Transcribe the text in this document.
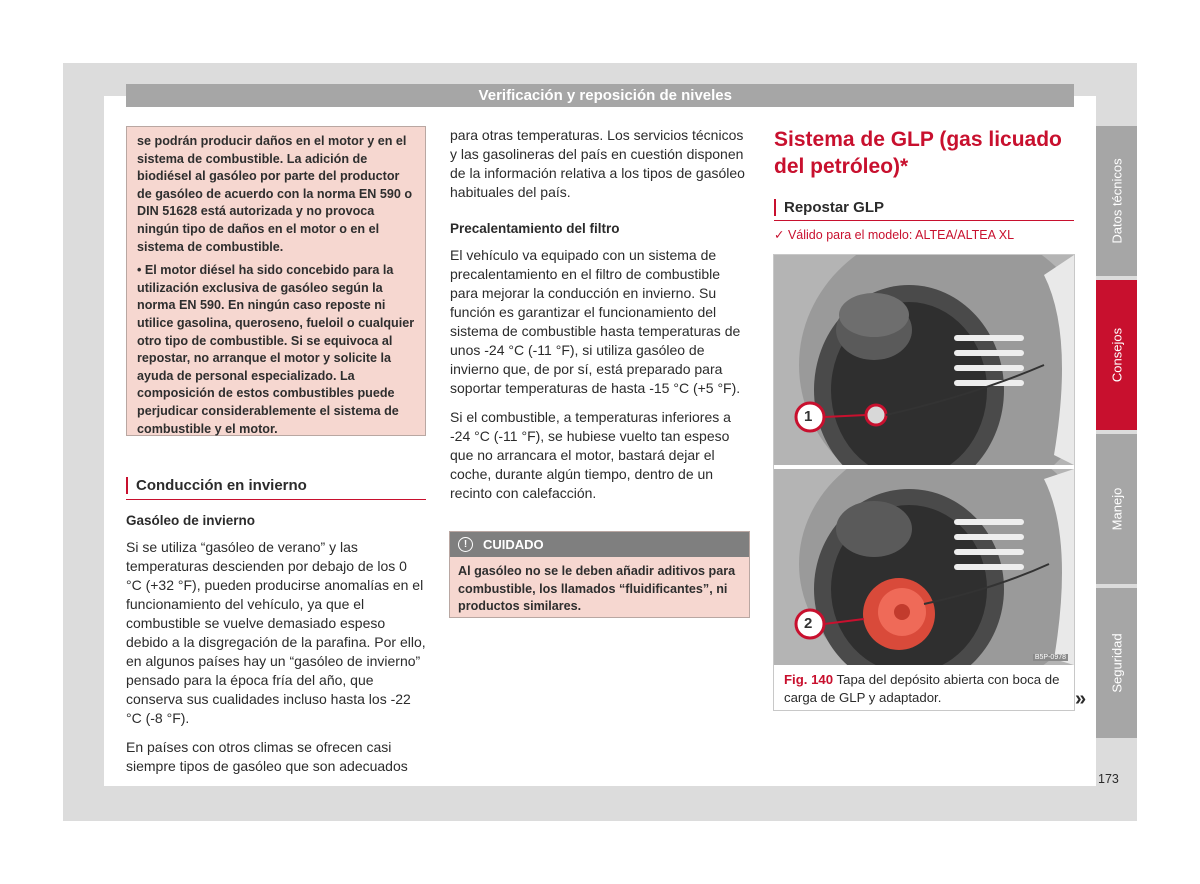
Verificación y reposición de niveles

se podrán producir daños en el motor y en el sistema de combustible. La adición de biodiésel al gasóleo por parte del productor de gasóleo de acuerdo con la norma EN 590 o DIN 51628 está autorizada y no provoca ningún tipo de daños en el motor o en el sistema de combustible.

• El motor diésel ha sido concebido para la utilización exclusiva de gasóleo según la norma EN 590. En ningún caso reposte ni utilice gasolina, queroseno, fueloil o cualquier otro tipo de combustible. Si se equivoca al repostar, no arranque el motor y solicite la ayuda de personal especializado. La composición de estos combustibles puede perjudicar considerablemente el sistema de combustible y el motor.

Conducción en invierno
Gasóleo de invierno

Si se utiliza “gasóleo de verano” y las temperaturas descienden por debajo de los 0 °C (+32 °F), pueden producirse anomalías en el funcionamiento del vehículo, ya que el combustible se vuelve demasiado espeso debido a la disgregación de la parafina. Por ello, en algunos países hay un “gasóleo de invierno” pensado para la época fría del año, que conserva sus cualidades incluso hasta los -22 °C (-8 °F).

En países con otros climas se ofrecen casi siempre tipos de gasóleo que son adecuados

para otras temperaturas. Los servicios técnicos y las gasolineras del país en cuestión disponen de la información relativa a los tipos de gasóleo habituales del país.

Precalentamiento del filtro

El vehículo va equipado con un sistema de precalentamiento en el filtro de combustible para mejorar la conducción en invierno. Su función es garantizar el funcionamiento del sistema de combustible hasta temperaturas de unos -24 °C (-11 °F), si utiliza gasóleo de invierno que, de por sí, está preparado para soportar temperaturas de hasta -15 °C (+5 °F).

Si el combustible, a temperaturas inferiores a -24 °C (-11 °F), se hubiese vuelto tan espeso que no arrancara el motor, bastará dejar el coche, durante algún tiempo, dentro de un recinto con calefacción.

!	CUIDADO
Al gasóleo no se le deben añadir aditivos para combustible, los llamados “fluidificantes”, ni productos similares.
Sistema de GLP (gas licuado del petróleo)*
Repostar GLP
✓ Válido para el modelo: ALTEA/ALTEA XL
1
2
B5P-0978
Fig. 140 Tapa del depósito abierta con boca de carga de GLP y adaptador.	»
Datos técnicos
Consejos
Manejo
Seguridad
173
